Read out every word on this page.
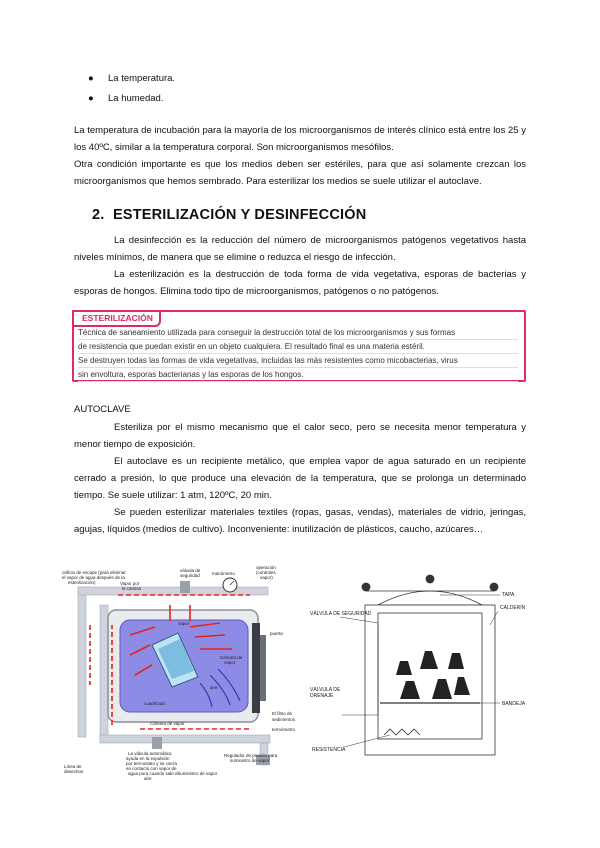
● La temperatura.
● La humedad.

La temperatura de incubación para la mayoría de los microorganismos de interés clínico está entre los 25 y los 40ºC, similar a la temperatura corporal. Son microorganismos mesófilos.

Otra condición importante es que los medios deben ser estériles, para que así solamente crezcan los microorganismos que hemos sembrado. Para esterilizar los medios se suele utilizar el autoclave.

2. ESTERILIZACIÓN Y DESINFECCIÓN

La desinfección es la reducción del número de microorganismos patógenos vegetativos hasta niveles mínimos, de manera que se elimine o reduzca el riesgo de infección.

La esterilización es la destrucción de toda forma de vida vegetativa, esporas de bacterias y esporas de hongos. Elimina todo tipo de microorganismos, patógenos o no patógenos.

ESTERILIZACIÓN
Técnica de saneamiento utilizada para conseguir la destrucción total de los microorganismos y sus formas
de resistencia que puedan existir en un objeto cualquiera. El resultado final es una materia estéril.
Se destruyen todas las formas de vida vegetativas, incluidas las más resistentes como micobacterias, virus
sin envoltura, esporas bacterianas y las esporas de los hongos.

AUTOCLAVE

Esteriliza por el mismo mecanismo que el calor seco, pero se necesita menor temperatura y menor tiempo de exposición.

El autoclave es un recipiente metálico, que emplea vapor de agua saturado en un recipiente cerrado a presión, lo que produce una elevación de la temperatura, que se prolonga un determinado tiempo. Se suele utilizar: 1 atm, 120ºC, 20 min.

Se pueden esterilizar materiales textiles (ropas, gasas, vendas), materiales de vidrio, jeringas, agujas, líquidos (medios de cultivo). Inconveniente: inutilización de plásticos, caucho, azúcares…

orificio de escape (para eliminar
el vapor de agua después de la
esterilización)	Vapor por
la camisa
válvula de
seguridad	manómetro
operación
(controles
vapor)
puerta
vapor
Cámara de
vapor
aire
cuadrícula
Cámara de vapor
El filtro de
sedimentos
termómetro
La válvula automática
ayuda en la expulsión
por termostato y se cierra
en contacto con vapor de
agua pura cuando sale el
aire
Regulador de presión para
suministro de vapor
Línea de
desechos	suministro de vapor
TAPA
VÁLVULA DE SEGURIDAD
CALDERÍN
VÁLVULA DE
DRENAJE
BANDEJA
RESISTENCIA
